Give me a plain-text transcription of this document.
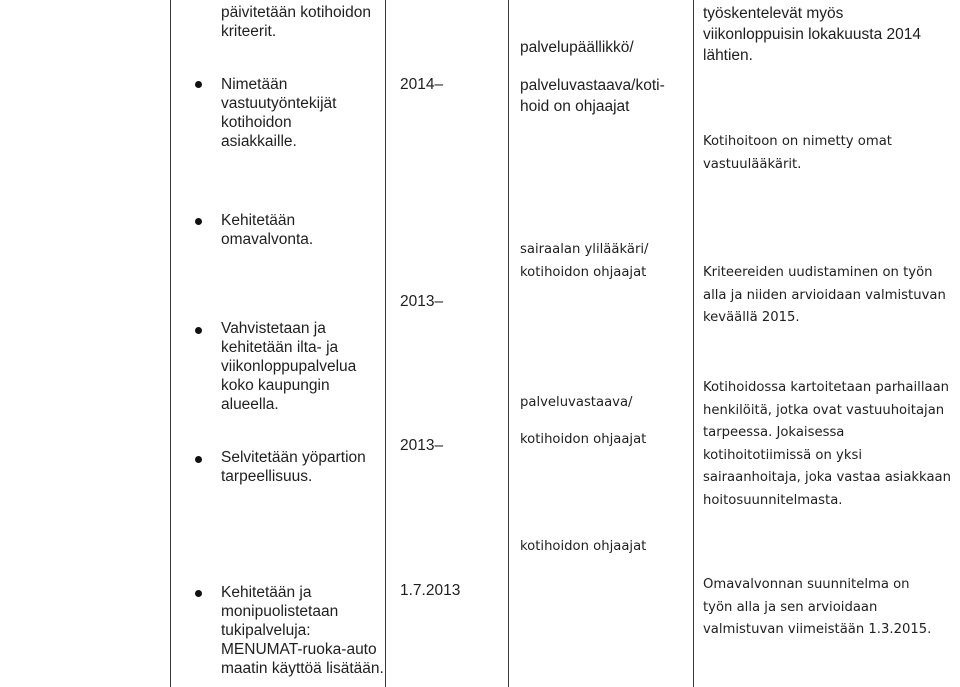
päivitetään kotihoidon kriteerit.

palvelupäällikkö/

työskentelevät myös viikonloppuisin lokakuusta 2014 lähtien.

Nimetään vastuutyöntekijät kotihoidon asiakkaille.

2014–	palveluvastaava/koti-hoid on ohjaajat

Kotihoitoon on nimetty omat vastuulääkärit.

Kehitetään omavalvonta.

Vahvistetaan ja kehitetään ilta- ja viikonloppupalvelua koko kaupungin alueella.

Selvitetään yöpartion tarpeellisuus.

2013–

2013–

sairaalan ylilääkäri/ kotihoidon ohjaajat

palveluvastaava/

kotihoidon ohjaajat

kotihoidon ohjaajat

Kriteereiden uudistaminen on työn alla ja niiden arvioidaan valmistuvan keväällä 2015.

Kotihoidossa kartoitetaan parhaillaan henkilöitä, jotka ovat vastuuhoitajan tarpeessa. Jokaisessa kotihoitotiimissä on yksi sairaanhoitaja, joka vastaa asiakkaan hoitosuunnitelmasta.

Kehitetään ja monipuolistetaan tukipalveluja: MENUMAT-ruoka-auto maatin käyttöä lisätään.

1.7.2013	Omavalvonnan suunnitelma on työn alla ja sen arvioidaan valmistuvan viimeistään 1.3.2015.
